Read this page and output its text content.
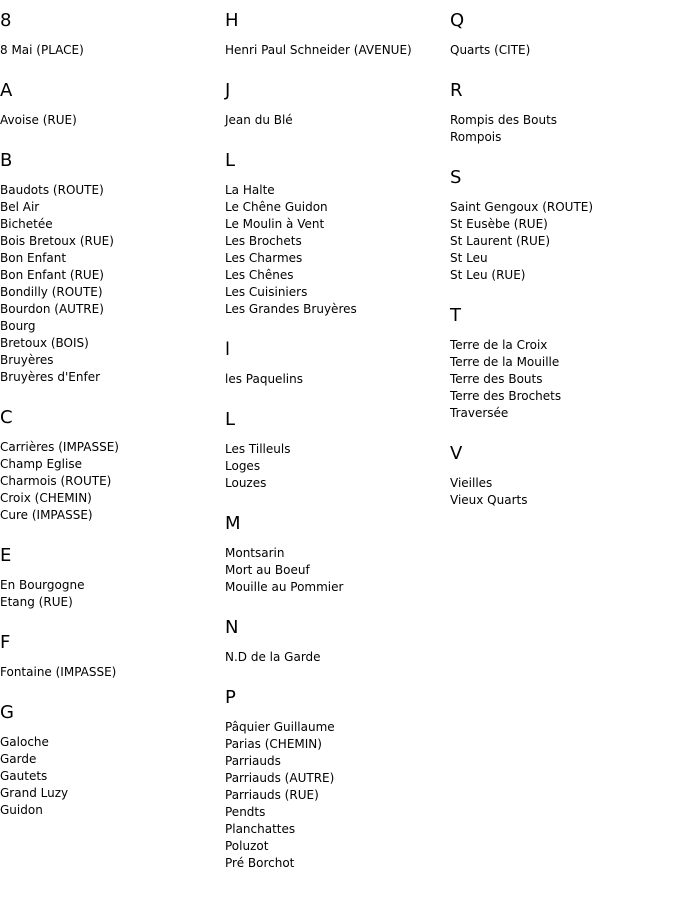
8
8 Mai (PLACE)
A
Avoise (RUE)
B
Baudots (ROUTE)
Bel Air
Bichetée
Bois Bretoux (RUE)
Bon Enfant
Bon Enfant (RUE)
Bondilly (ROUTE)
Bourdon (AUTRE)
Bourg
Bretoux (BOIS)
Bruyères
Bruyères d'Enfer
C
Carrières (IMPASSE)
Champ Eglise
Charmois (ROUTE)
Croix (CHEMIN)
Cure (IMPASSE)
E
En Bourgogne
Etang (RUE)
F
Fontaine (IMPASSE)
G
Galoche
Garde
Gautets
Grand Luzy
Guidon
H
Henri Paul Schneider (AVENUE)
J
Jean du Blé
L
La Halte
Le Chêne Guidon
Le Moulin à Vent
Les Brochets
Les Charmes
Les Chênes
Les Cuisiniers
Les Grandes Bruyères
l
les Paquelins
L
Les Tilleuls
Loges
Louzes
M
Montsarin
Mort au Boeuf
Mouille au Pommier
N
N.D de la Garde
P
Pâquier Guillaume
Parias (CHEMIN)
Parriauds
Parriauds (AUTRE)
Parriauds (RUE)
Pendts
Planchattes
Poluzot
Pré Borchot
Q
Quarts (CITE)
R
Rompis des Bouts
Rompois
S
Saint Gengoux (ROUTE)
St Eusèbe (RUE)
St Laurent (RUE)
St Leu
St Leu (RUE)
T
Terre de la Croix
Terre de la Mouille
Terre des Bouts
Terre des Brochets
Traversée
V
Vieilles
Vieux Quarts
